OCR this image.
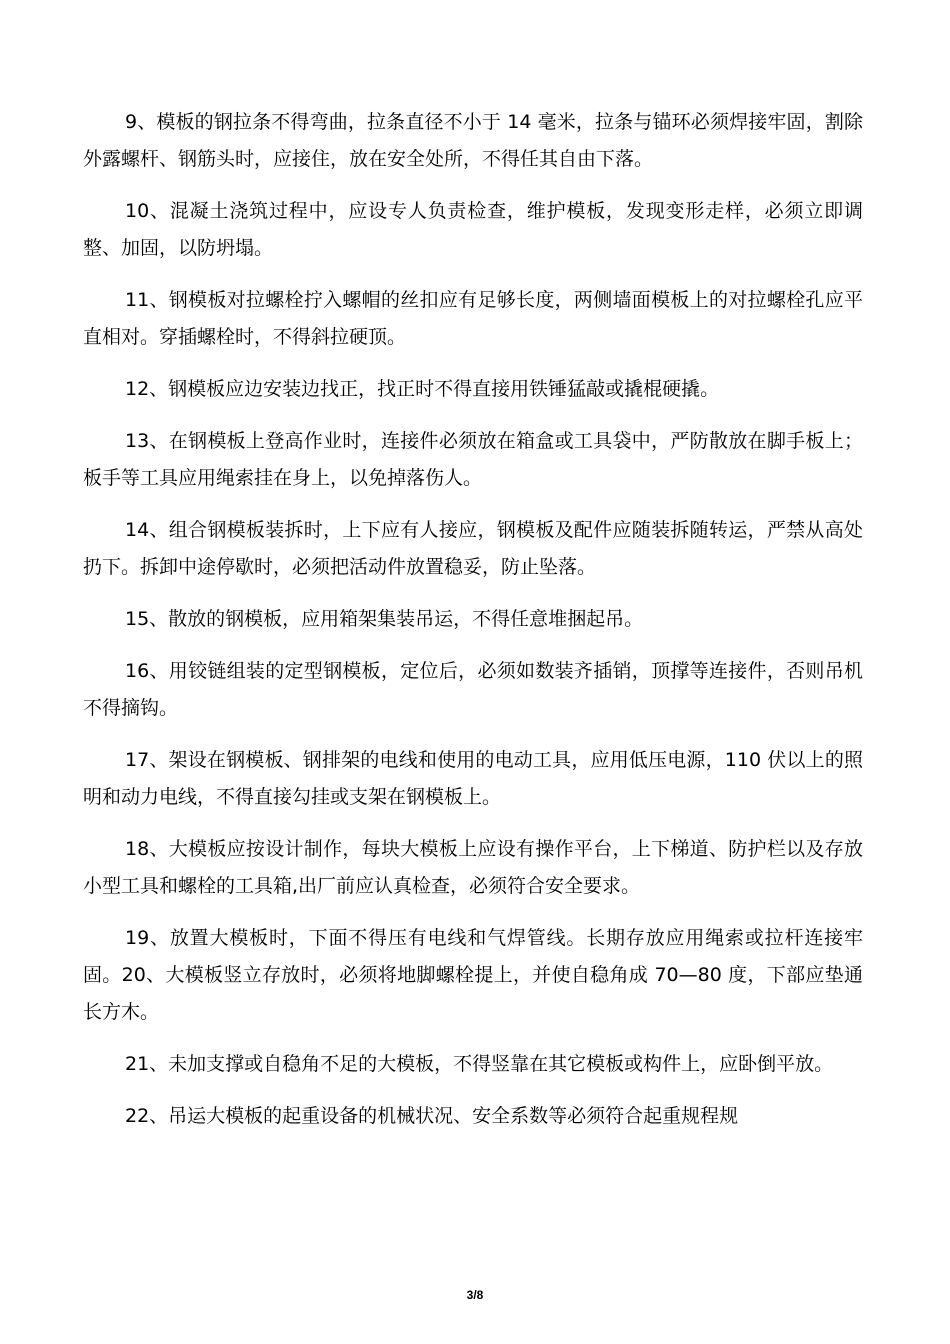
9、模板的钢拉条不得弯曲，拉条直径不小于 14 毫米，拉条与锚环必须焊接牢固，割除外露螺杆、钢筋头时，应接住，放在安全处所，不得任其自由下落。

10、混凝土浇筑过程中，应设专人负责检查，维护模板，发现变形走样，必须立即调整、加固，以防坍塌。

11、钢模板对拉螺栓拧入螺帽的丝扣应有足够长度，两侧墙面模板上的对拉螺栓孔应平直相对。穿插螺栓时，不得斜拉硬顶。

12、钢模板应边安装边找正，找正时不得直接用铁锤猛敲或撬棍硬撬。

13、在钢模板上登高作业时，连接件必须放在箱盒或工具袋中，严防散放在脚手板上；板手等工具应用绳索挂在身上，以免掉落伤人。

14、组合钢模板装拆时，上下应有人接应，钢模板及配件应随装拆随转运，严禁从高处扔下。拆卸中途停歇时，必须把活动件放置稳妥，防止坠落。

15、散放的钢模板，应用箱架集装吊运，不得任意堆捆起吊。

16、用铰链组装的定型钢模板，定位后，必须如数装齐插销，顶撑等连接件，否则吊机不得摘钩。

17、架设在钢模板、钢排架的电线和使用的电动工具，应用低压电源，110 伏以上的照明和动力电线，不得直接勾挂或支架在钢模板上。

18、大模板应按设计制作，每块大模板上应设有操作平台，上下梯道、防护栏以及存放小型工具和螺栓的工具箱,出厂前应认真检查，必须符合安全要求。

19、放置大模板时，下面不得压有电线和气焊管线。长期存放应用绳索或拉杆连接牢固。20、大模板竖立存放时，必须将地脚螺栓提上，并使自稳角成 70—80 度，下部应垫通长方木。

21、未加支撑或自稳角不足的大模板，不得竖靠在其它模板或构件上，应卧倒平放。

22、吊运大模板的起重设备的机械状况、安全系数等必须符合起重规程规

3/8
